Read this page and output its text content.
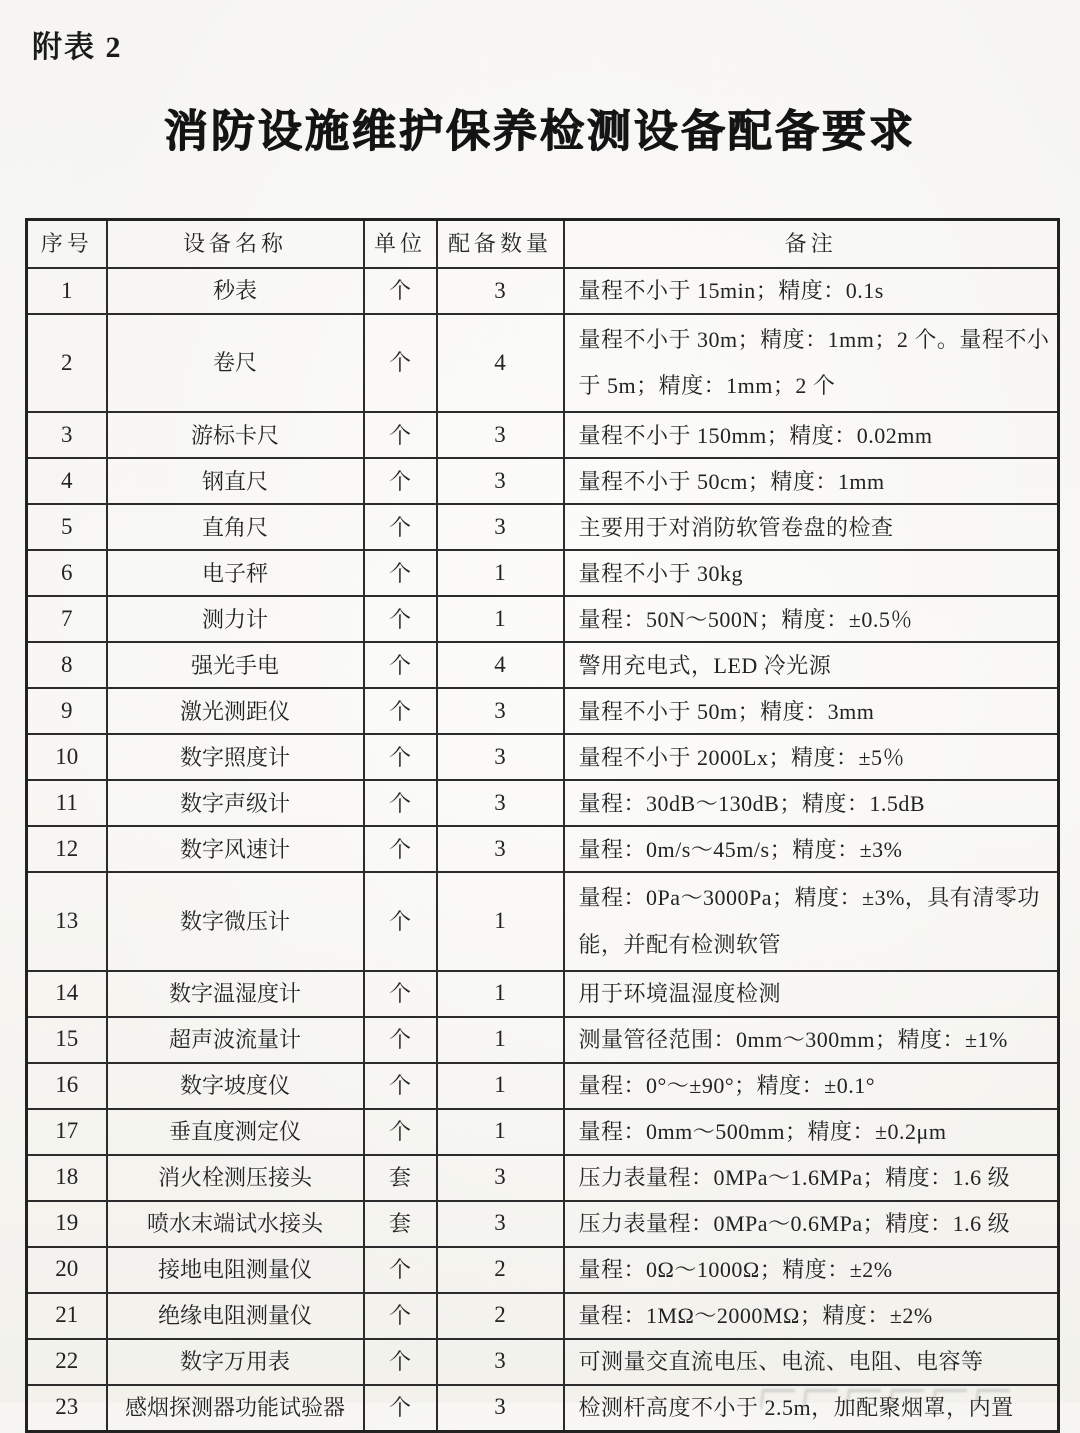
附表 2
消防设施维护保养检测设备配备要求
序号	设备名称	单位	配备数量	备注
1	秒表	个	3	量程不小于 15min；精度：0.1s
2	卷尺	个	4	量程不小于 30m；精度：1mm；2 个。量程不小于 5m；精度：1mm；2 个
3	游标卡尺	个	3	量程不小于 150mm；精度：0.02mm
4	钢直尺	个	3	量程不小于 50cm；精度：1mm
5	直角尺	个	3	主要用于对消防软管卷盘的检查
6	电子秤	个	1	量程不小于 30kg
7	测力计	个	1	量程：50N〜500N；精度：±0.5％
8	强光手电	个	4	警用充电式，LED 冷光源
9	激光测距仪	个	3	量程不小于 50m；精度：3mm
10	数字照度计	个	3	量程不小于 2000Lx；精度：±5％
11	数字声级计	个	3	量程：30dB〜130dB；精度：1.5dB
12	数字风速计	个	3	量程：0m/s〜45m/s；精度：±3%
13	数字微压计	个	1	量程：0Pa〜3000Pa；精度：±3%，具有清零功能，并配有检测软管
14	数字温湿度计	个	1	用于环境温湿度检测
15	超声波流量计	个	1	测量管径范围：0mm〜300mm；精度：±1%
16	数字坡度仪	个	1	量程：0°〜±90°；精度：±0.1°
17	垂直度测定仪	个	1	量程：0mm〜500mm；精度：±0.2μm
18	消火栓测压接头	套	3	压力表量程：0MPa〜1.6MPa；精度：1.6 级
19	喷水末端试水接头	套	3	压力表量程：0MPa〜0.6MPa；精度：1.6 级
20	接地电阻测量仪	个	2	量程：0Ω〜1000Ω；精度：±2%
21	绝缘电阻测量仪	个	2	量程：1MΩ〜2000MΩ；精度：±2%
22	数字万用表	个	3	可测量交直流电压、电流、电阻、电容等
23	感烟探测器功能试验器	个	3	检测杆高度不小于 2.5m，加配聚烟罩，内置
